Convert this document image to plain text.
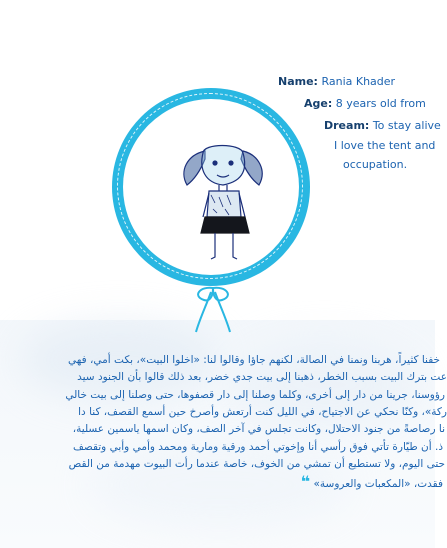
Name: Rania Khader
Age: 8 years old from
Dream: To stay alive
I love the tent and
occupation.
خفنا كثيراً، هربنا ونمنا في الصالة، لكنهم جاؤا وقالوا لنا: «اخلوا البيت»، بكت أمي، فهي
عت بترك البيت بسبب الخطر، ذهبنا إلى بيت جدي خضر، بعد ذلك قالوا بأن الجنود سيد
رؤوسنا، جرينا من دار إلى أخرى، وكلما وصلنا إلى دار قصفوها، حتى وصلنا إلى بيت خالي
ركة»، وكنّا نحكي عن الاجتياح، في الليل كنت أرتعش وأصرخ حين أسمع القصف، كنا دا
نا رصاصةً من جنود الاحتلال، وكانت تجلس في آخر الصف، وكان اسمها ياسمين عسلية،
ذ. أن طيّارة تأتي فوق رأسي أنا وإخوتي أحمد ورقية ومارية ومحمد وأمي وأبي وتقصف
حتى اليوم، ولا تستطيع أن تمشي من الخوف، خاصة عندما رأت البيوت مهدمة من القص
فقدت، «المكعبات والعروسة» ❝
